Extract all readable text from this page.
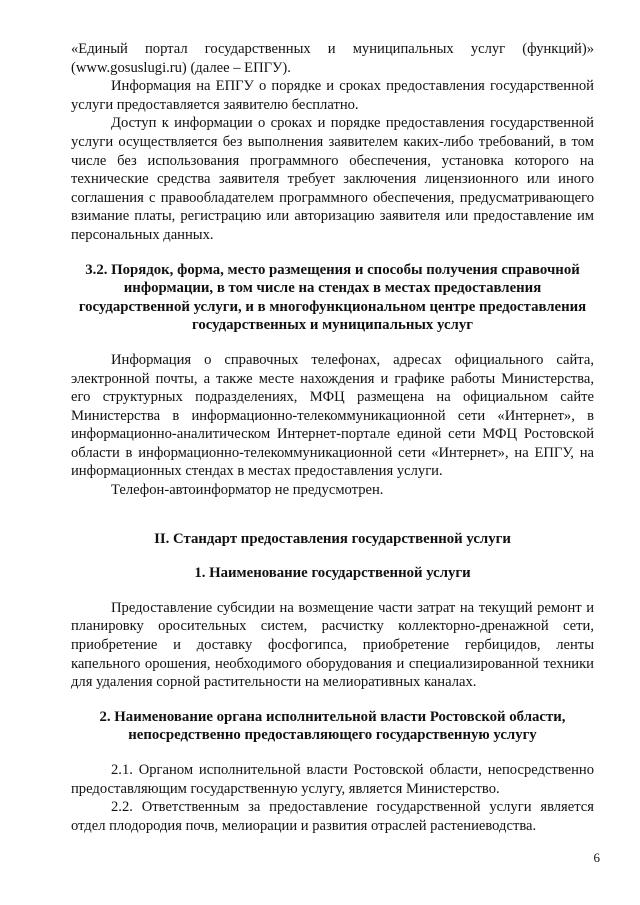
«Единый портал государственных и муниципальных услуг (функций)» (www.gosuslugi.ru) (далее – ЕПГУ).

Информация на ЕПГУ о порядке и сроках предоставления государственной услуги предоставляется заявителю бесплатно.

Доступ к информации о сроках и порядке предоставления государственной услуги осуществляется без выполнения заявителем каких-либо требований, в том числе без использования программного обеспечения, установка которого на технические средства заявителя требует заключения лицензионного или иного соглашения с правообладателем программного обеспечения, предусматривающего взимание платы, регистрацию или авторизацию заявителя или предоставление им персональных данных.

3.2. Порядок, форма, место размещения и способы получения справочной информации, в том числе на стендах в местах предоставления государственной услуги, и в многофункциональном центре предоставления государственных и муниципальных услуг

Информация о справочных телефонах, адресах официального сайта, электронной почты, а также месте нахождения и графике работы Министерства, его структурных подразделениях, МФЦ размещена на официальном сайте Министерства в информационно-телекоммуникационной сети «Интернет», в информационно-аналитическом Интернет-портале единой сети МФЦ Ростовской области в информационно-телекоммуникационной сети «Интернет», на ЕПГУ, на информационных стендах в местах предоставления услуги.

Телефон-автоинформатор не предусмотрен.

II. Стандарт предоставления государственной услуги

1. Наименование государственной услуги

Предоставление субсидии на возмещение части затрат на текущий ремонт и планировку оросительных систем, расчистку коллекторно-дренажной сети, приобретение и доставку фосфогипса, приобретение гербицидов, ленты капельного орошения, необходимого оборудования и специализированной техники для удаления сорной растительности на мелиоративных каналах.

2. Наименование органа исполнительной власти Ростовской области, непосредственно предоставляющего государственную услугу

2.1. Органом исполнительной власти Ростовской области, непосредственно предоставляющим государственную услугу, является Министерство.

2.2. Ответственным за предоставление государственной услуги является отдел плодородия почв, мелиорации и развития отраслей растениеводства.

6
